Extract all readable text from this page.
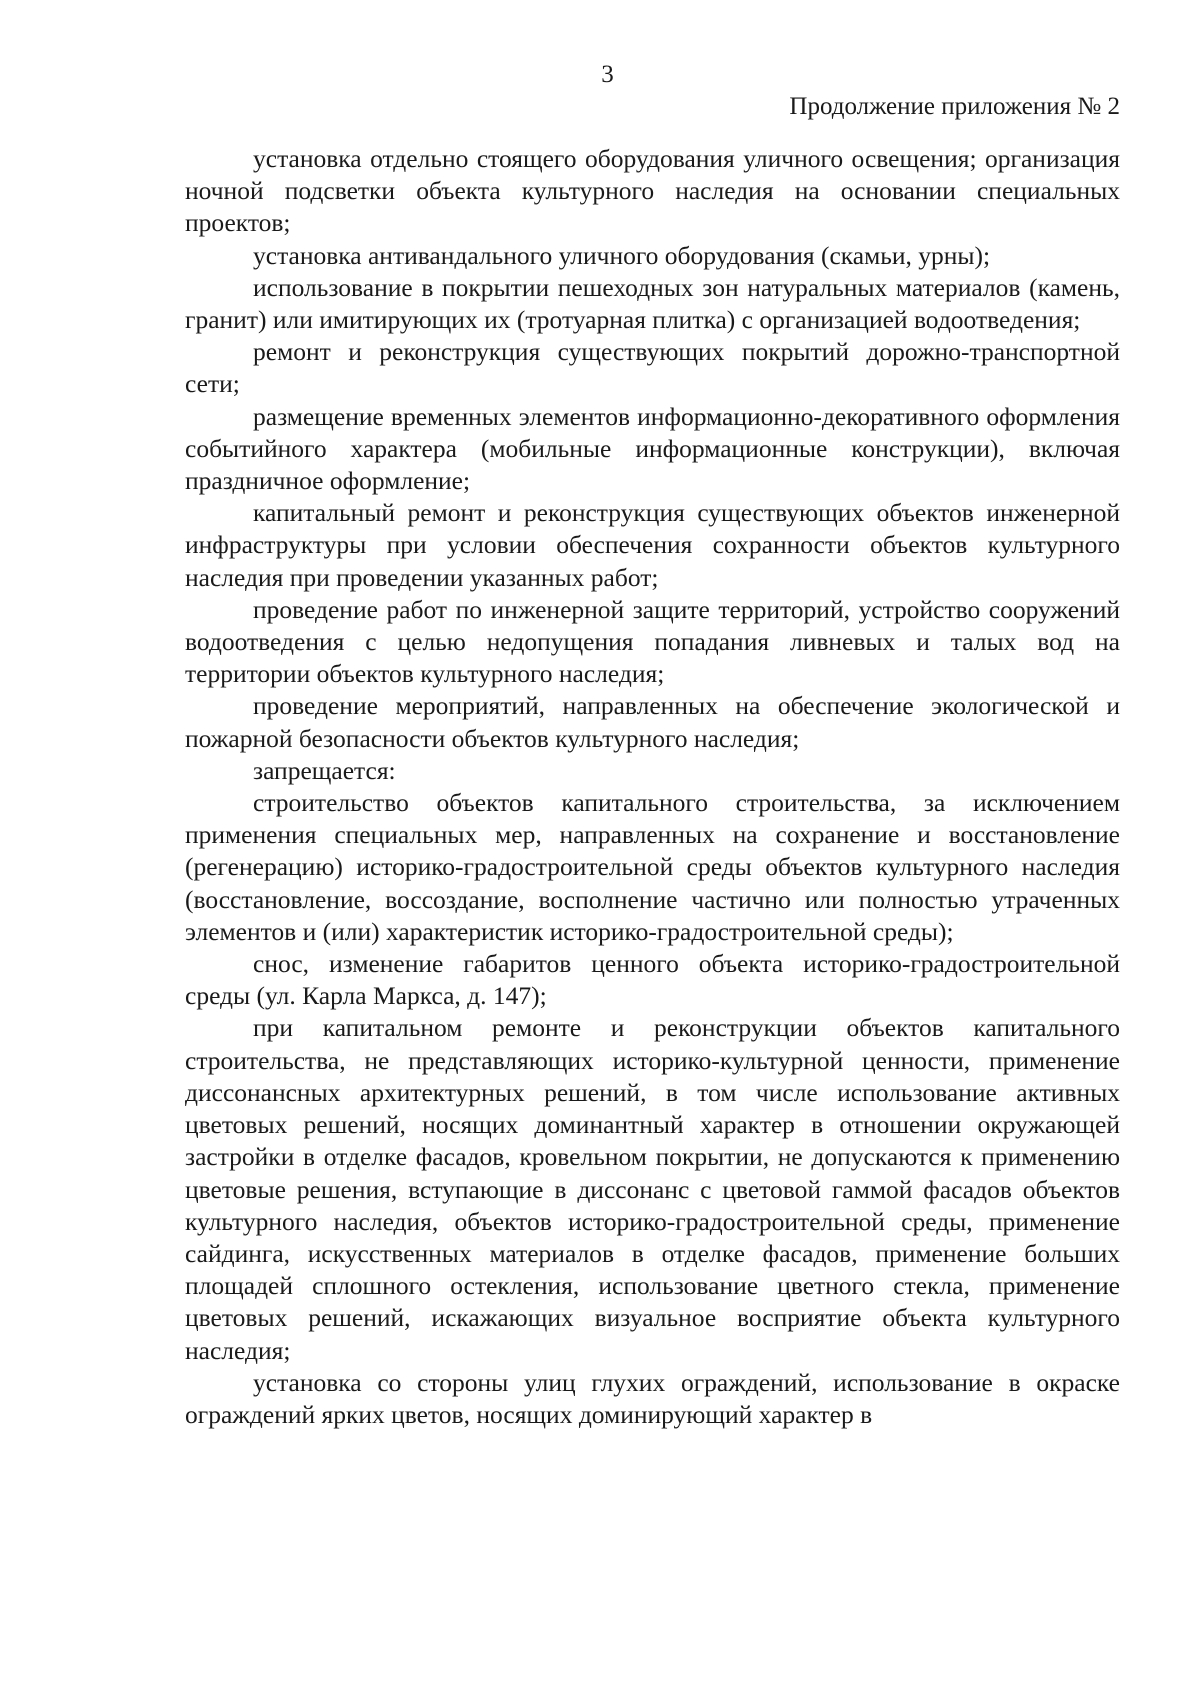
3
Продолжение приложения № 2

установка отдельно стоящего оборудования уличного освещения; организация ночной подсветки объекта культурного наследия на основании специальных проектов;

установка антивандального уличного оборудования (скамьи, урны);

использование в покрытии пешеходных зон натуральных материалов (камень, гранит) или имитирующих их (тротуарная плитка) с организацией водоотведения;

ремонт и реконструкция существующих покрытий дорожно-транспортной сети;

размещение временных элементов информационно-декоративного оформления событийного характера (мобильные информационные конструкции), включая праздничное оформление;

капитальный ремонт и реконструкция существующих объектов инженерной инфраструктуры при условии обеспечения сохранности объектов культурного наследия при проведении указанных работ;

проведение работ по инженерной защите территорий, устройство сооружений водоотведения с целью недопущения попадания ливневых и талых вод на территории объектов культурного наследия;

проведение мероприятий, направленных на обеспечение экологической и пожарной безопасности объектов культурного наследия;

запрещается:

строительство объектов капитального строительства, за исключением применения специальных мер, направленных на сохранение и восстановление (регенерацию) историко-градостроительной среды объектов культурного наследия (восстановление, воссоздание, восполнение частично или полностью утраченных элементов и (или) характеристик историко-градостроительной среды);

снос, изменение габаритов ценного объекта историко-градостроительной среды (ул. Карла Маркса, д. 147);

при капитальном ремонте и реконструкции объектов капитального строительства, не представляющих историко-культурной ценности, применение диссонансных архитектурных решений, в том числе использование активных цветовых решений, носящих доминантный характер в отношении окружающей застройки в отделке фасадов, кровельном покрытии, не допускаются к применению цветовые решения, вступающие в диссонанс с цветовой гаммой фасадов объектов культурного наследия, объектов историко-градостроительной среды, применение сайдинга, искусственных материалов в отделке фасадов, применение больших площадей сплошного остекления, использование цветного стекла, применение цветовых решений, искажающих визуальное восприятие объекта культурного наследия;

установка со стороны улиц глухих ограждений, использование в окраске ограждений ярких цветов, носящих доминирующий характер в
